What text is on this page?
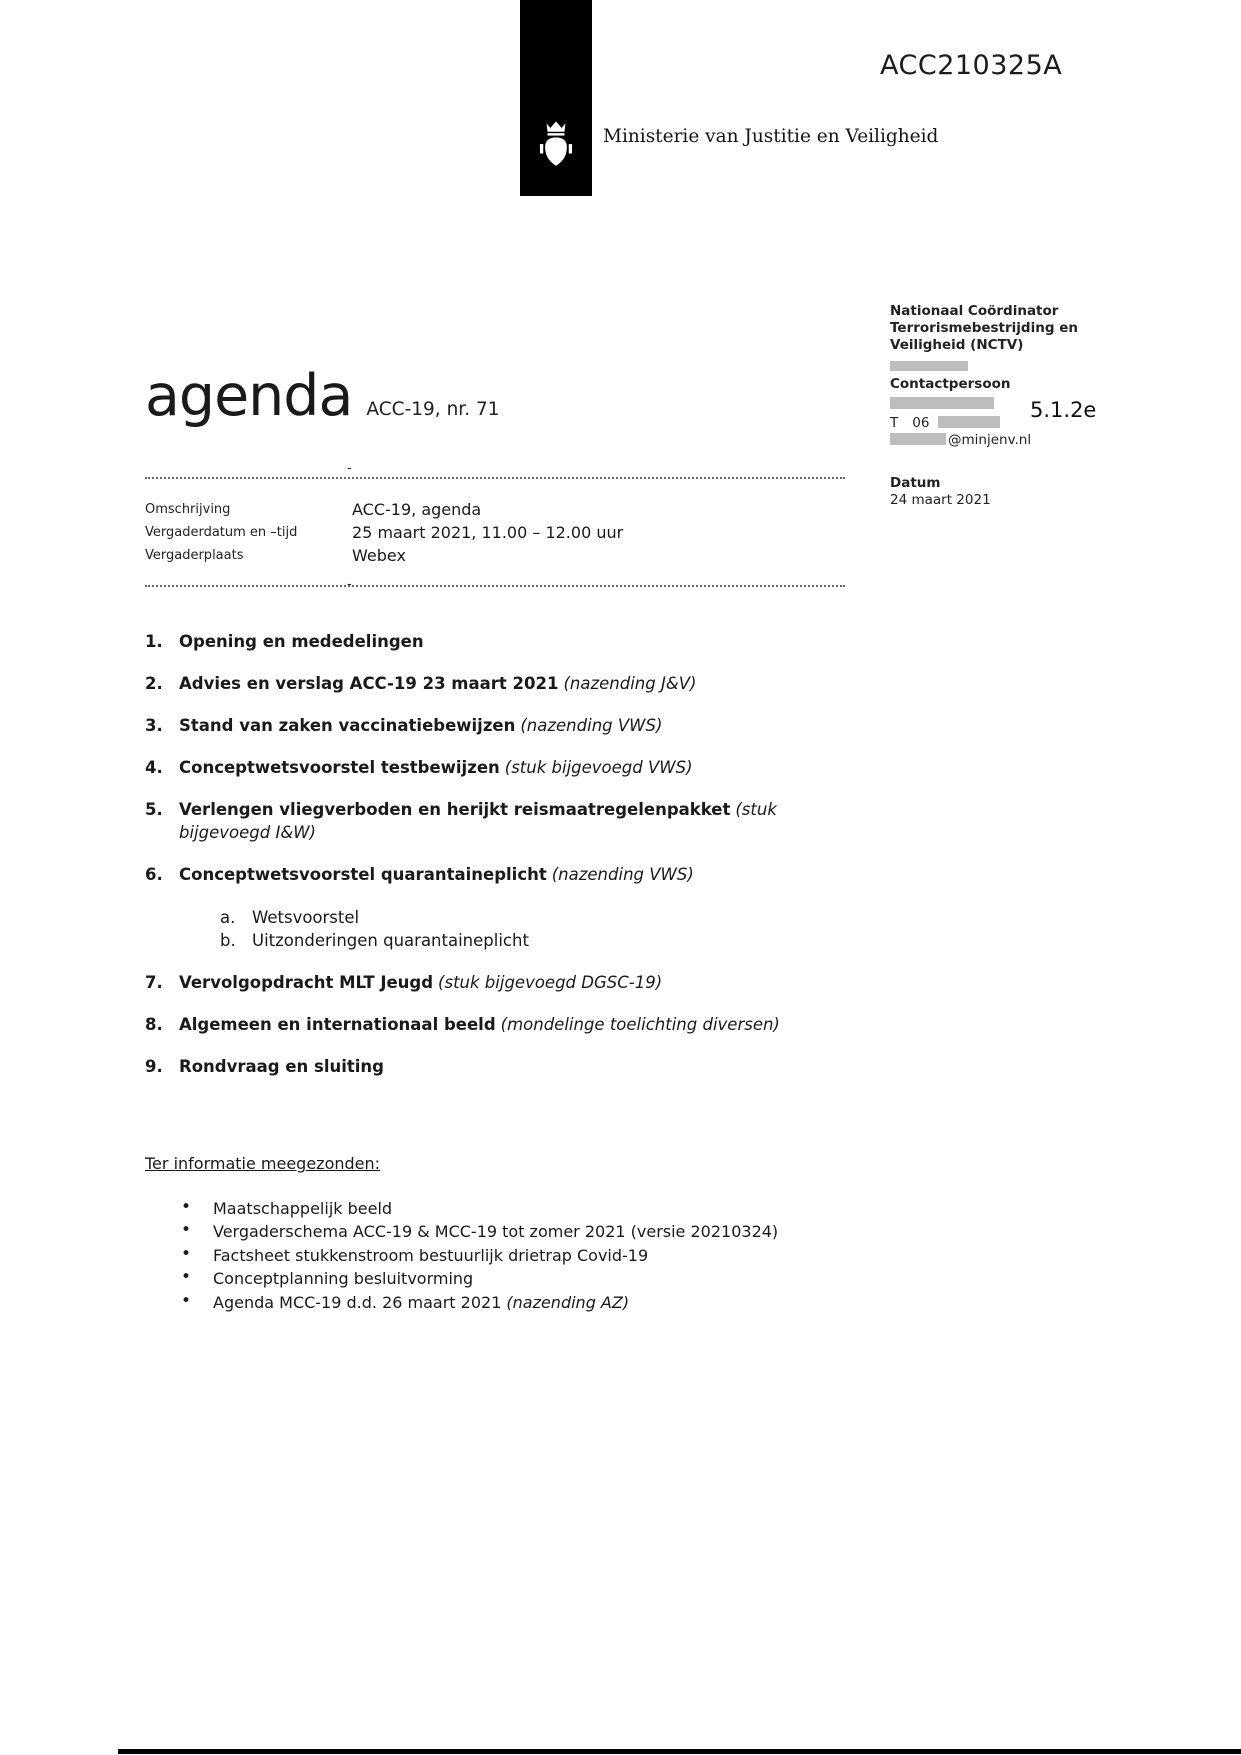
ACC210325A
Ministerie van Justitie en Veiligheid
Nationaal Coördinator
Terrorismebestrijding en
Veiligheid (NCTV)
Contactpersoon
T 06
@minjenv.nl
Datum
24 maart 2021
5.1.2e
agenda ACC-19, nr. 71
-
Omschrijving	ACC-19, agenda
Vergaderdatum en –tijd	25 maart 2021, 11.00 – 12.00 uur
Vergaderplaats	Webex
-
1. Opening en mededelingen
2. Advies en verslag ACC-19 23 maart 2021 (nazending J&V)
3. Stand van zaken vaccinatiebewijzen (nazending VWS)
4. Conceptwetsvoorstel testbewijzen (stuk bijgevoegd VWS)
5. Verlengen vliegverboden en herijkt reismaatregelenpakket (stuk bijgevoegd I&W)
6. Conceptwetsvoorstel quarantaineplicht (nazending VWS)
a. Wetsvoorstel
b. Uitzonderingen quarantaineplicht
7. Vervolgopdracht MLT Jeugd (stuk bijgevoegd DGSC-19)
8. Algemeen en internationaal beeld (mondelinge toelichting diversen)
9. Rondvraag en sluiting
Ter informatie meegezonden:
• Maatschappelijk beeld
• Vergaderschema ACC-19 & MCC-19 tot zomer 2021 (versie 20210324)
• Factsheet stukkenstroom bestuurlijk drietrap Covid-19
• Conceptplanning besluitvorming
• Agenda MCC-19 d.d. 26 maart 2021 (nazending AZ)
